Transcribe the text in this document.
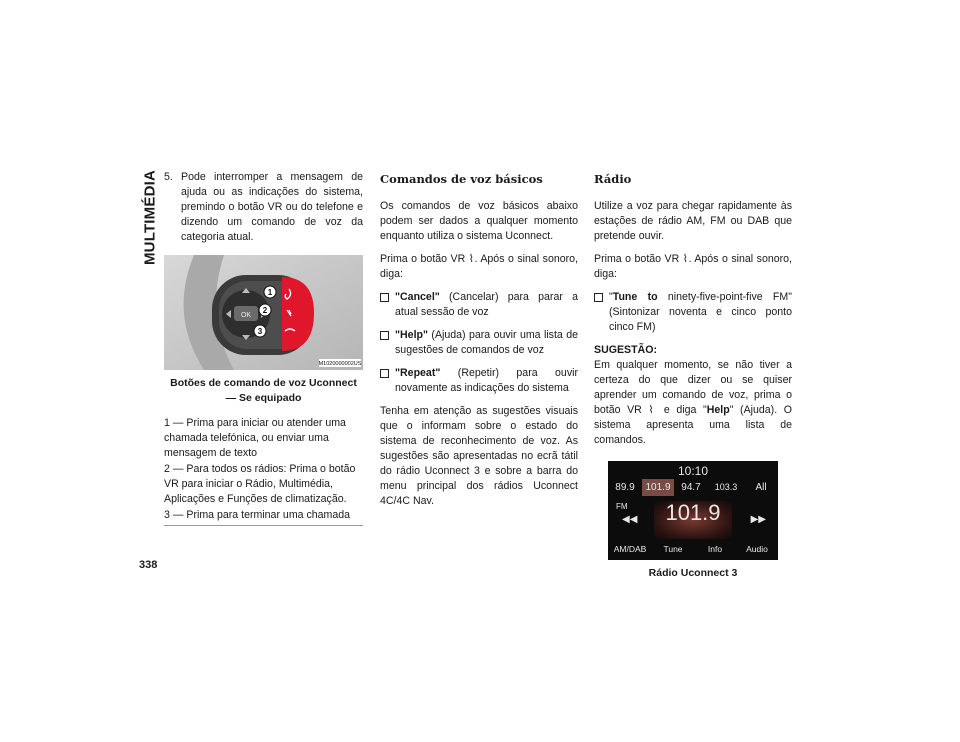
MULTIMÉDIA
338
5. Pode interromper a mensagem de ajuda ou as indicações do sistema, premindo o botão VR ou do telefone e dizendo um comando de voz da categoria atual.
OK
1
2
3
M1020000002US
Botões de comando de voz Uconnect — Se equipado
1 — Prima para iniciar ou atender uma chamada telefónica, ou enviar uma mensagem de texto
2 — Para todos os rádios: Prima o botão VR para iniciar o Rádio, Multimédia, Aplicações e Funções de climatização.
3 — Prima para terminar uma chamada
Comandos de voz básicos

Os comandos de voz básicos abaixo podem ser dados a qualquer momento enquanto utiliza o sistema Uconnect.

Prima o botão VR ⌇. Após o sinal sonoro, diga:

"Cancel" (Cancelar) para parar a atual sessão de voz
"Help" (Ajuda) para ouvir uma lista de sugestões de comandos de voz
"Repeat" (Repetir) para ouvir novamente as indicações do sistema

Tenha em atenção as sugestões visuais que o informam sobre o estado do sistema de reconhecimento de voz. As sugestões são apresentadas no ecrã tátil do rádio Uconnect 3 e sobre a barra do menu principal dos rádios Uconnect 4C/4C Nav.

Rádio

Utilize a voz para chegar rapidamente às estações de rádio AM, FM ou DAB que pretende ouvir.

Prima o botão VR ⌇. Após o sinal sonoro, diga:

"Tune to ninety-five-point-five FM" (Sintonizar noventa e cinco ponto cinco FM)
SUGESTÃO:

Em qualquer momento, se não tiver a certeza do que dizer ou se quiser aprender um comando de voz, prima o botão VR ⌇ e diga "Help" (Ajuda). O sistema apresenta uma lista de comandos.

10:10
89.9	101.9	94.7	103.3	All
FM	101.9
◀◀	▶▶
AM/DAB	Tune	Info	Audio
Rádio Uconnect 3
